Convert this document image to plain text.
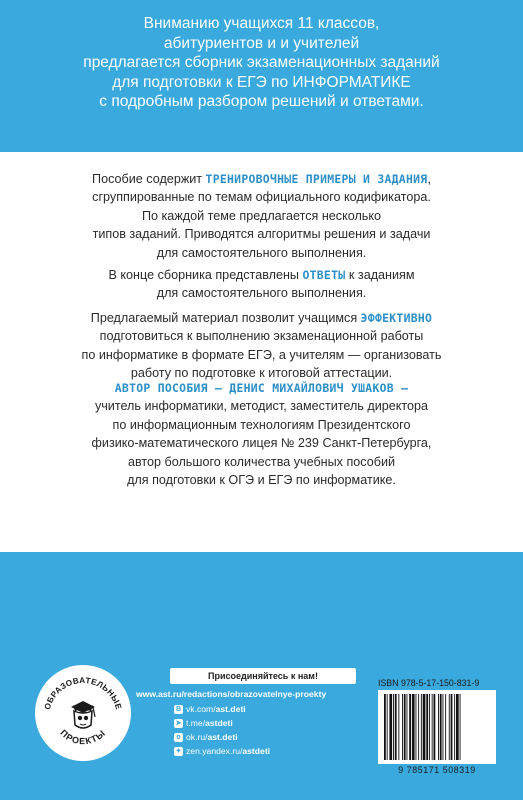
Вниманию учащихся 11 классов,

абитуриентов и и учителей

предлагается сборник экзаменационных заданий

для подготовки к ЕГЭ по ИНФОРМАТИКЕ

с подробным разбором решений и ответами.

Пособие содержит ТРЕНИРОВОЧНЫЕ ПРИМЕРЫ И ЗАДАНИЯ,
сгруппированные по темам официального кодификатора.
По каждой теме предлагается несколько
типов заданий. Приводятся алгоритмы решения и задачи
для самостоятельного выполнения.
В конце сборника представлены ОТВЕТЫ к заданиям
для самостоятельного выполнения.
Предлагаемый материал позволит учащимся ЭФФЕКТИВНО
подготовиться к выполнению экзаменационной работы
по информатике в формате ЕГЭ, а учителям — организовать
работу по подготовке к итоговой аттестации.
АВТОР ПОСОБИЯ — ДЕНИС МИХАЙЛОВИЧ УШАКОВ —
учитель информатики, методист, заместитель директора
по информационным технологиям Президентского
физико-математического лицея № 239 Санкт-Петербурга,
автор большого количества учебных пособий
для подготовки к ОГЭ и ЕГЭ по информатике.
ОБРАЗОВАТЕЛЬНЫЕ
ПРОЕКТЫ
Присоединяйтесь к нам!
www.ast.ru/redactions/obrazovatelnye-proekty
B vk.com/ ast.deti
➤ t.me/ astdeti
o ok.ru/ ast.deti
✦ zen.yandex.ru/ astdeti
ISBN 978-5-17-150-831-9
9 785171 508319
